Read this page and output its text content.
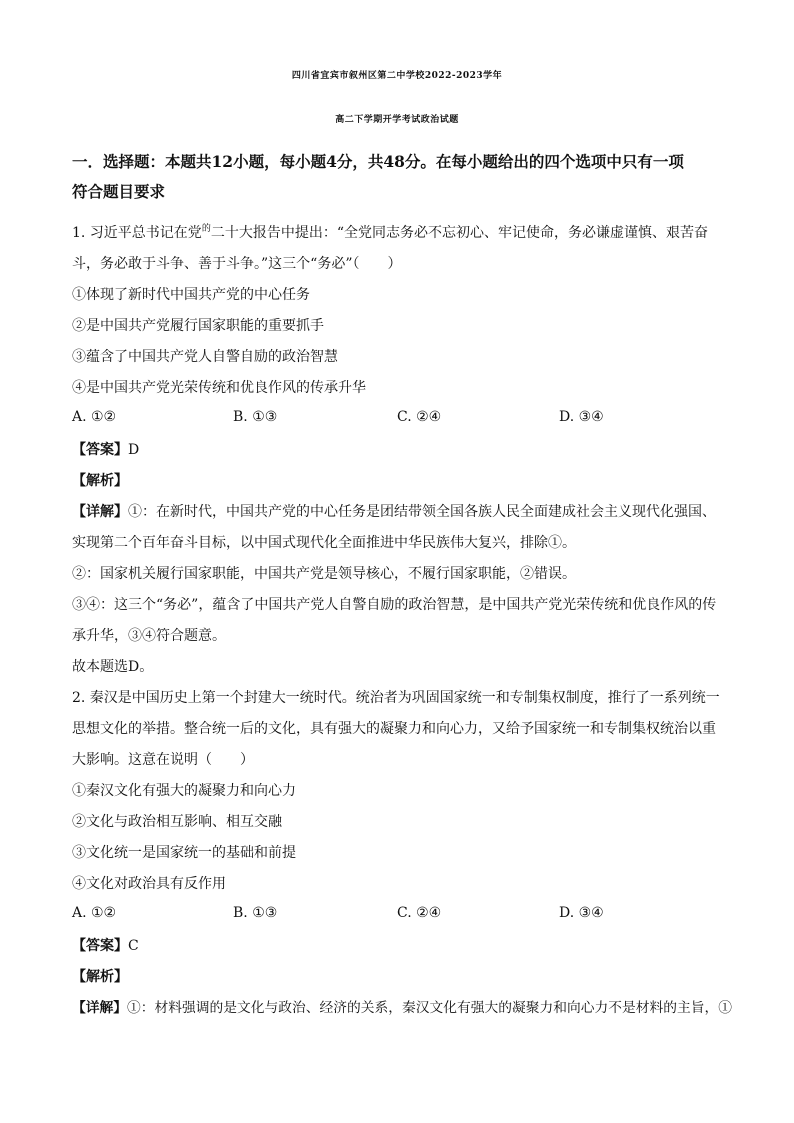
四川省宜宾市叙州区第二中学校2022-2023学年
高二下学期开学考试政治试题
一．选择题：本题共12小题，每小题4分，共48分。在每小题给出的四个选项中只有一项
符合题目要求
1. 习近平总书记在党$^的$二十大报告中提出：“全党同志务必不忘初心、牢记使命，务必谦虚谨慎、艰苦奋
斗，务必敢于斗争、善于斗争。”这三个“务必”（　　）
①体现了新时代中国共产党的中心任务
②是中国共产党履行国家职能的重要抓手
③蕴含了中国共产党人自警自励的政治智慧
④是中国共产党光荣传统和优良作风的传承升华
A. ①②	B. ①③	C. ②④	D. ③④
【答案】D
【解析】
【详解】①：在新时代，中国共产党的中心任务是团结带领全国各族人民全面建成社会主义现代化强国、
实现第二个百年奋斗目标，以中国式现代化全面推进中华民族伟大复兴，排除①。
②：国家机关履行国家职能，中国共产党是领导核心，不履行国家职能，②错误。
③④：这三个“务必”，蕴含了中国共产党人自警自励的政治智慧，是中国共产党光荣传统和优良作风的传
承升华，③④符合题意。
故本题选D。
2. 秦汉是中国历史上第一个封建大一统时代。统治者为巩固国家统一和专制集权制度，推行了一系列统一
思想文化的举措。整合统一后的文化，具有强大的凝聚力和向心力，又给予国家统一和专制集权统治以重
大影响。这意在说明（　　）
①秦汉文化有强大的凝聚力和向心力
②文化与政治相互影响、相互交融
③文化统一是国家统一的基础和前提
④文化对政治具有反作用
A. ①②	B. ①③	C. ②④	D. ③④
【答案】C
【解析】
【详解】①：材料强调的是文化与政治、经济的关系，秦汉文化有强大的凝聚力和向心力不是材料的主旨，①
